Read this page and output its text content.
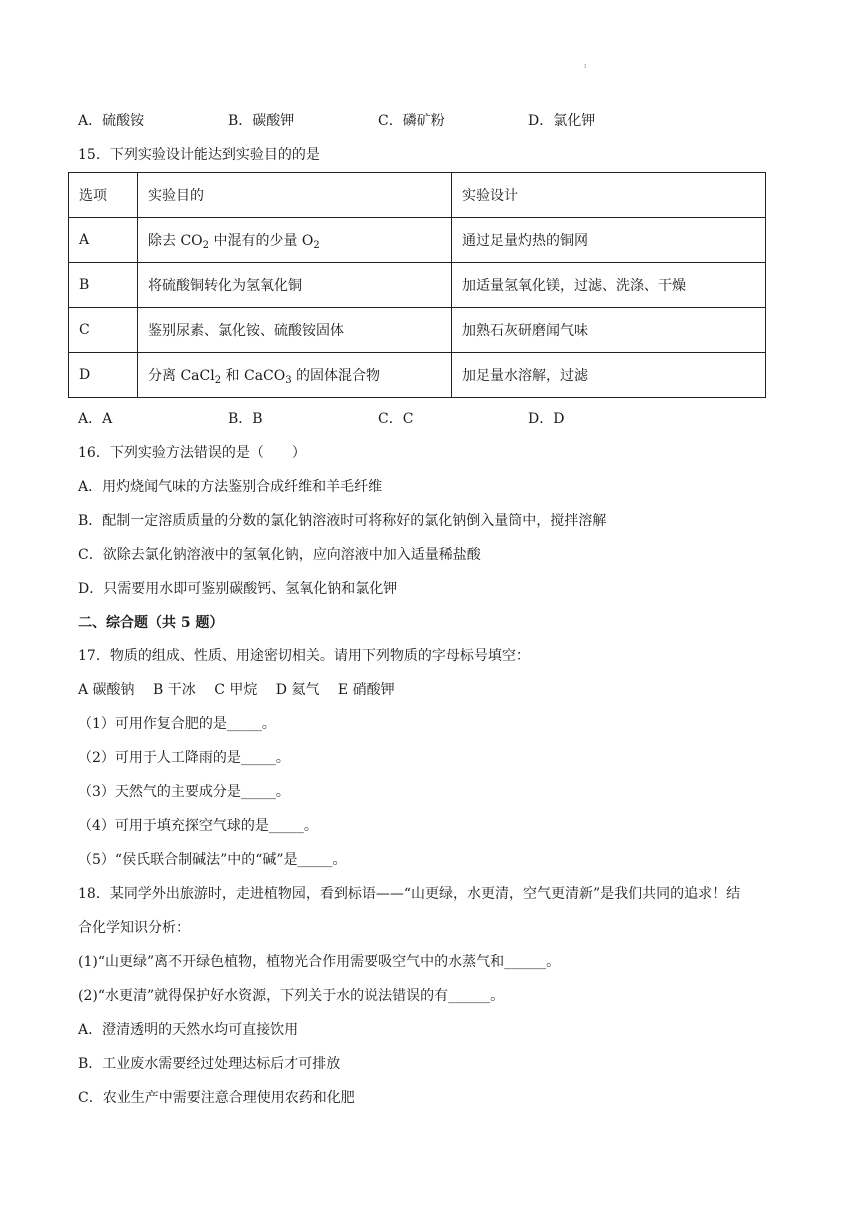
ı
A．硫酸铵	B．碳酸钾	C．磷矿粉	D．氯化钾
15．下列实验设计能达到实验目的的是
选项	实验目的	实验设计
A	除去 $CO_2$ 中混有的少量 $O_2$	通过足量灼热的铜网
B	将硫酸铜转化为氢氧化铜	加适量氢氧化镁，过滤、洗涤、干燥
C	鉴别尿素、氯化铵、硫酸铵固体	加熟石灰研磨闻气味
D	分离 CaCl$_2$ 和 CaCO$_3$ 的固体混合物	加足量水溶解，过滤
A．A	B．B	C．C	D．D
16．下列实验方法错误的是（　　）
A．用灼烧闻气味的方法鉴别合成纤维和羊毛纤维
B．配制一定溶质质量的分数的氯化钠溶液时可将称好的氯化钠倒入量筒中，搅拌溶解
C．欲除去氯化钠溶液中的氢氧化钠，应向溶液中加入适量稀盐酸
D．只需要用水即可鉴别碳酸钙、氢氧化钠和氯化钾
二、综合题（共 5 题）
17．物质的组成、性质、用途密切相关。请用下列物质的字母标号填空：
A 碳酸钠　 B 干冰　 C 甲烷　 D 氦气　 E 硝酸钾
（1）可用作复合肥的是_____。
（2）可用于人工降雨的是_____。
（3）天然气的主要成分是_____。
（4）可用于填充探空气球的是_____。
（5）“侯氏联合制碱法”中的“碱”是_____。
18．某同学外出旅游时，走进植物园，看到标语——“山更绿，水更清，空气更清新”是我们共同的追求！结
合化学知识分析：
(1)“山更绿”离不开绿色植物，植物光合作用需要吸空气中的水蒸气和______。
(2)“水更清”就得保护好水资源，下列关于水的说法错误的有______。
A．澄清透明的天然水均可直接饮用
B．工业废水需要经过处理达标后才可排放
C．农业生产中需要注意合理使用农药和化肥
